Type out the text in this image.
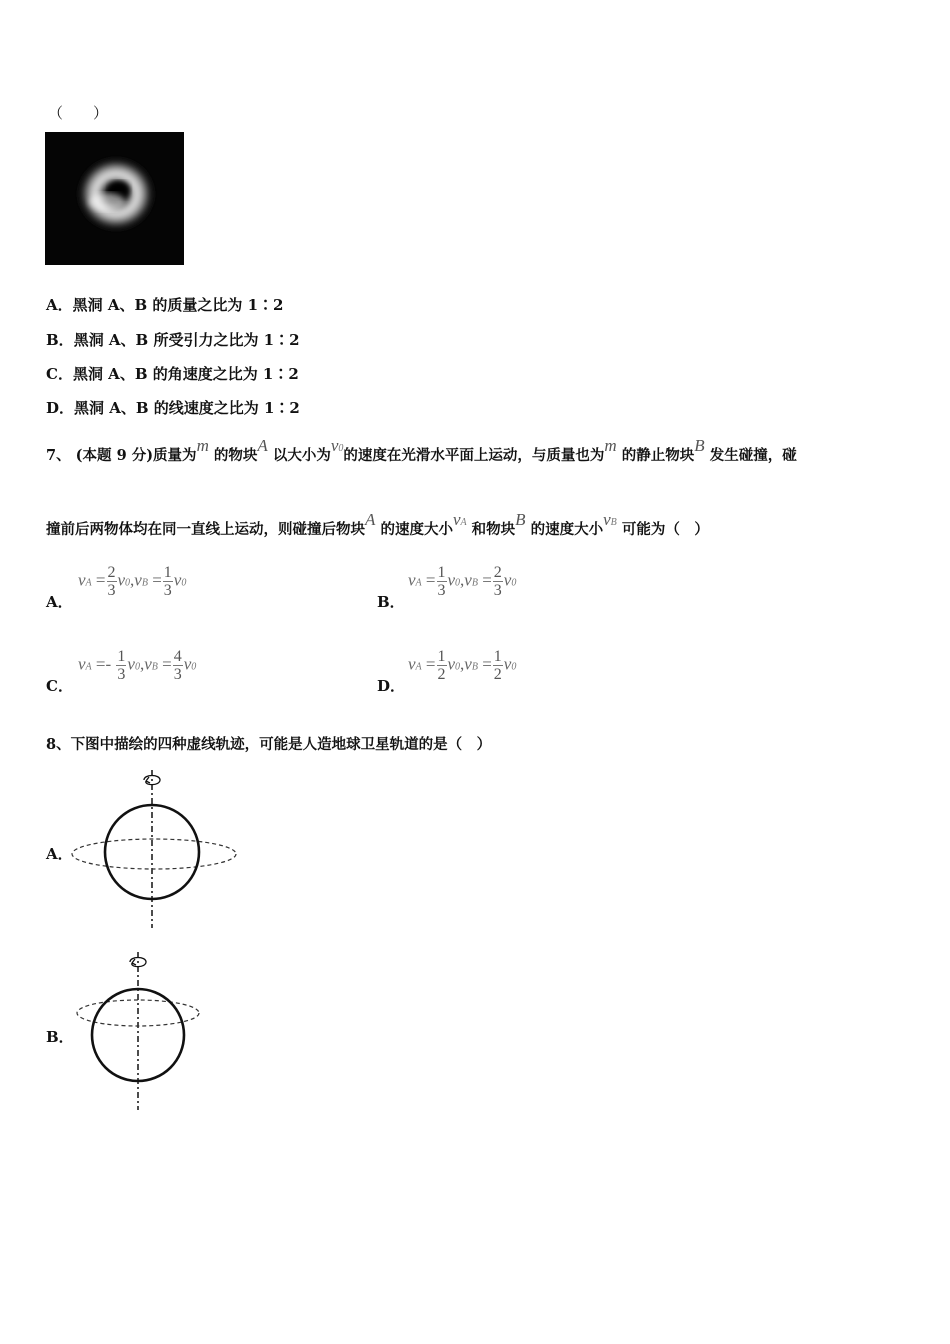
（　　）
A．黑洞 A、B 的质量之比为 1∶2
B．黑洞 A、B 所受引力之比为 1∶2
C．黑洞 A、B 的角速度之比为 1∶2
D．黑洞 A、B 的线速度之比为 1∶2
7、 (本题 9 分)质量为m 的物块A 以大小为v0的速度在光滑水平面上运动，与质量也为m 的静止物块B 发生碰撞，碰
撞前后两物体均在同一直线上运动，则碰撞后物块A 的速度大小vA 和物块B 的速度大小vB 可能为（　）
A．
vA = $\frac{2}{3} v0,vB = \frac{1}{3} v0$
B．
vA = $\frac{1}{3} v0,vB = \frac{2}{3} v0$
C．
vA =- $\frac{1}{3} v0,vB = \frac{4}{3} v0$
D．
vA = $\frac{1}{2} v0,vB = \frac{1}{2} v0$
8、下图中描绘的四种虚线轨迹，可能是人造地球卫星轨道的是（　）
A．
B．
